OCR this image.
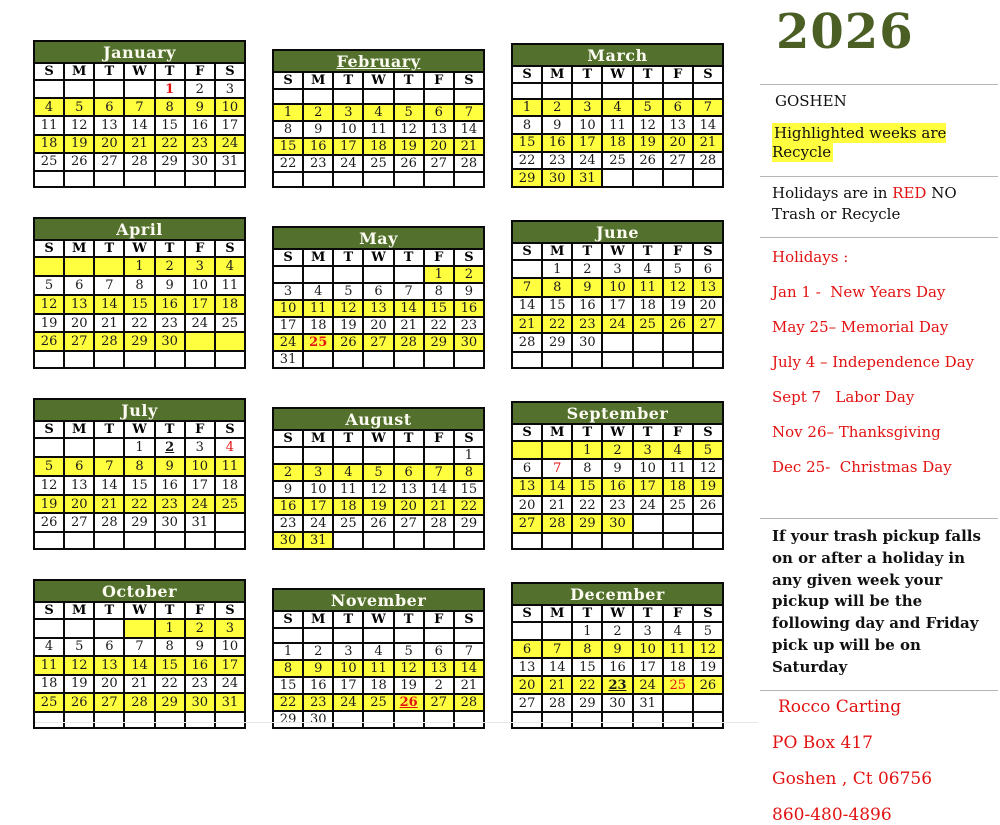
January						
S	M	T	W	T	F	S
				1	2	3
4	5	6	7	8	9	10
11	12	13	14	15	16	17
18	19	20	21	22	23	24
25	26	27	28	29	30	31

February						
S	M	T	W	T	F	S

1	2	3	4	5	6	7
8	9	10	11	12	13	14
15	16	17	18	19	20	21
22	23	24	25	26	27	28

March						
S	M	T	W	T	F	S

1	2	3	4	5	6	7
8	9	10	11	12	13	14
15	16	17	18	19	20	21
22	23	24	25	26	27	28
29	30	31				
April						
S	M	T	W	T	F	S
			1	2	3	4
5	6	7	8	9	10	11
12	13	14	15	16	17	18
19	20	21	22	23	24	25
26	27	28	29	30		

May						
S	M	T	W	T	F	S
					1	2
3	4	5	6	7	8	9
10	11	12	13	14	15	16
17	18	19	20	21	22	23
24	25	26	27	28	29	30
31						
June						
S	M	T	W	T	F	S
	1	2	3	4	5	6
7	8	9	10	11	12	13
14	15	16	17	18	19	20
21	22	23	24	25	26	27
28	29	30				

July						
S	M	T	W	T	F	S
			1	2	3	4
5	6	7	8	9	10	11
12	13	14	15	16	17	18
19	20	21	22	23	24	25
26	27	28	29	30	31	

August						
S	M	T	W	T	F	S
						1
2	3	4	5	6	7	8
9	10	11	12	13	14	15
16	17	18	19	20	21	22
23	24	25	26	27	28	29
30	31					
September						
S	M	T	W	T	F	S
		1	2	3	4	5
6	7	8	9	10	11	12
13	14	15	16	17	18	19
20	21	22	23	24	25	26
27	28	29	30			

October						
S	M	T	W	T	F	S
				1	2	3
4	5	6	7	8	9	10
11	12	13	14	15	16	17
18	19	20	21	22	23	24
25	26	27	28	29	30	31

November						
S	M	T	W	T	F	S

1	2	3	4	5	6	7
8	9	10	11	12	13	14
15	16	17	18	19	2	21
22	23	24	25	26	27	28
29	30					
December						
S	M	T	W	T	F	S
		1	2	3	4	5
6	7	8	9	10	11	12
13	14	15	16	17	18	19
20	21	22	23	24	25	26
27	28	29	30	31		

2026
GOSHEN
Highlighted weeks are Recycle

Holidays are in RED NO Trash or Recycle

Holidays :
Jan 1 -  New Years Day
May 25– Memorial Day
July 4 – Independence Day
Sept 7   Labor Day
Nov 26– Thanksgiving
Dec 25-  Christmas Day

If your trash pickup falls on or after a holiday in any given week your pickup will be the following day and Friday pick up will be on Saturday

Rocco Carting
PO Box 417
Goshen , Ct 06756
860-480-4896
